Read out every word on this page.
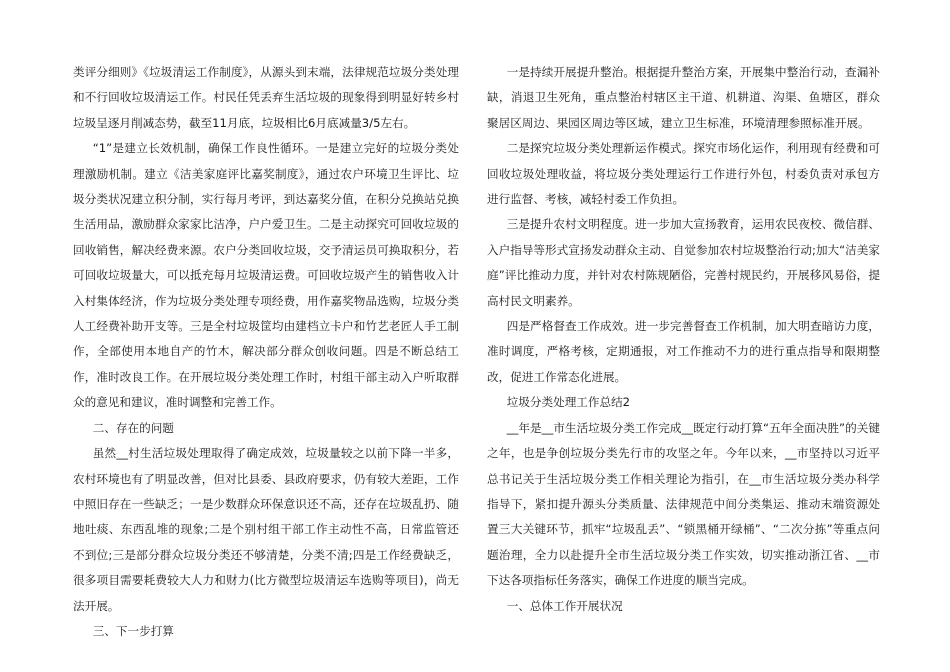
类评分细则》《垃圾清运工作制度》，从源头到末端，法律规范垃圾分类处理和不行回收垃圾清运工作。村民任凭丢弃生活垃圾的现象得到明显好转乡村垃圾呈逐月削减态势，截至11月底，垃圾相比6月底减量3/5左右。

“1”是建立长效机制，确保工作良性循环。一是建立完好的垃圾分类处理激励机制。建立《洁美家庭评比嘉奖制度》，通过农户环境卫生评比、垃圾分类状况建立积分制，实行每月考评，到达嘉奖分值，在积分兑换站兑换生活用品，激励群众家家比洁净，户户爱卫生。二是主动探究可回收垃圾的回收销售，解决经费来源。农户分类回收垃圾，交予清运员可换取积分，若可回收垃圾量大，可以抵充每月垃圾清运费。可回收垃圾产生的销售收入计入村集体经济，作为垃圾分类处理专项经费，用作嘉奖物品选购，垃圾分类人工经费补助开支等。三是全村垃圾筐均由建档立卡户和竹艺老匠人手工制作，全部使用本地自产的竹木，解决部分群众创收问题。四是不断总结工作，准时改良工作。在开展垃圾分类处理工作时，村组干部主动入户听取群众的意见和建议，准时调整和完善工作。

二、存在的问题

虽然__村生活垃圾处理取得了确定成效，垃圾量较之以前下降一半多，农村环境也有了明显改善，但对比县委、县政府要求，仍有较大差距，工作中照旧存在一些缺乏；一是少数群众环保意识还不高，还存在垃圾乱扔、随地吐痰、东西乱堆的现象;二是个别村组干部工作主动性不高，日常监管还不到位;三是部分群众垃圾分类还不够清楚，分类不清;四是工作经费缺乏，很多项目需要耗费较大人力和财力(比方微型垃圾清运车选购等项目)，尚无法开展。

三、下一步打算

一是持续开展提升整治。根据提升整治方案，开展集中整治行动，查漏补缺，消退卫生死角，重点整治村辖区主干道、机耕道、沟渠、鱼塘区，群众聚居区周边、果园区周边等区域，建立卫生标准，环境清理参照标准开展。

二是探究垃圾分类处理新运作模式。探究市场化运作，利用现有经费和可回收垃圾处理收益，将垃圾分类处理运行工作进行外包，村委负责对承包方进行监督、考核，减轻村委工作负担。

三是提升农村文明程度。进一步加大宣扬教育，运用农民夜校、微信群、入户指导等形式宣扬发动群众主动、自觉参加农村垃圾整治行动;加大“洁美家庭”评比推动力度，并针对农村陈规陋俗，完善村规民约，开展移风易俗，提高村民文明素养。

四是严格督查工作成效。进一步完善督查工作机制，加大明查暗访力度，准时调度，严格考核，定期通报，对工作推动不力的进行重点指导和限期整改，促进工作常态化进展。

垃圾分类处理工作总结2

__年是__市生活垃圾分类工作完成__既定行动打算“五年全面决胜”的关键之年，也是争创垃圾分类先行市的攻坚之年。今年以来，__市坚持以习近平总书记关于生活垃圾分类工作相关理论为指引，在__市生活垃圾分类办科学指导下，紧扣提升源头分类质量、法律规范中间分类集运、推动末端资源处置三大关键环节，抓牢“垃圾乱丢”、“锁黑桶开绿桶”、“二次分拣”等重点问题治理，全力以赴提升全市生活垃圾分类工作实效，切实推动浙江省、__市下达各项指标任务落实，确保工作进度的顺当完成。

一、总体工作开展状况
